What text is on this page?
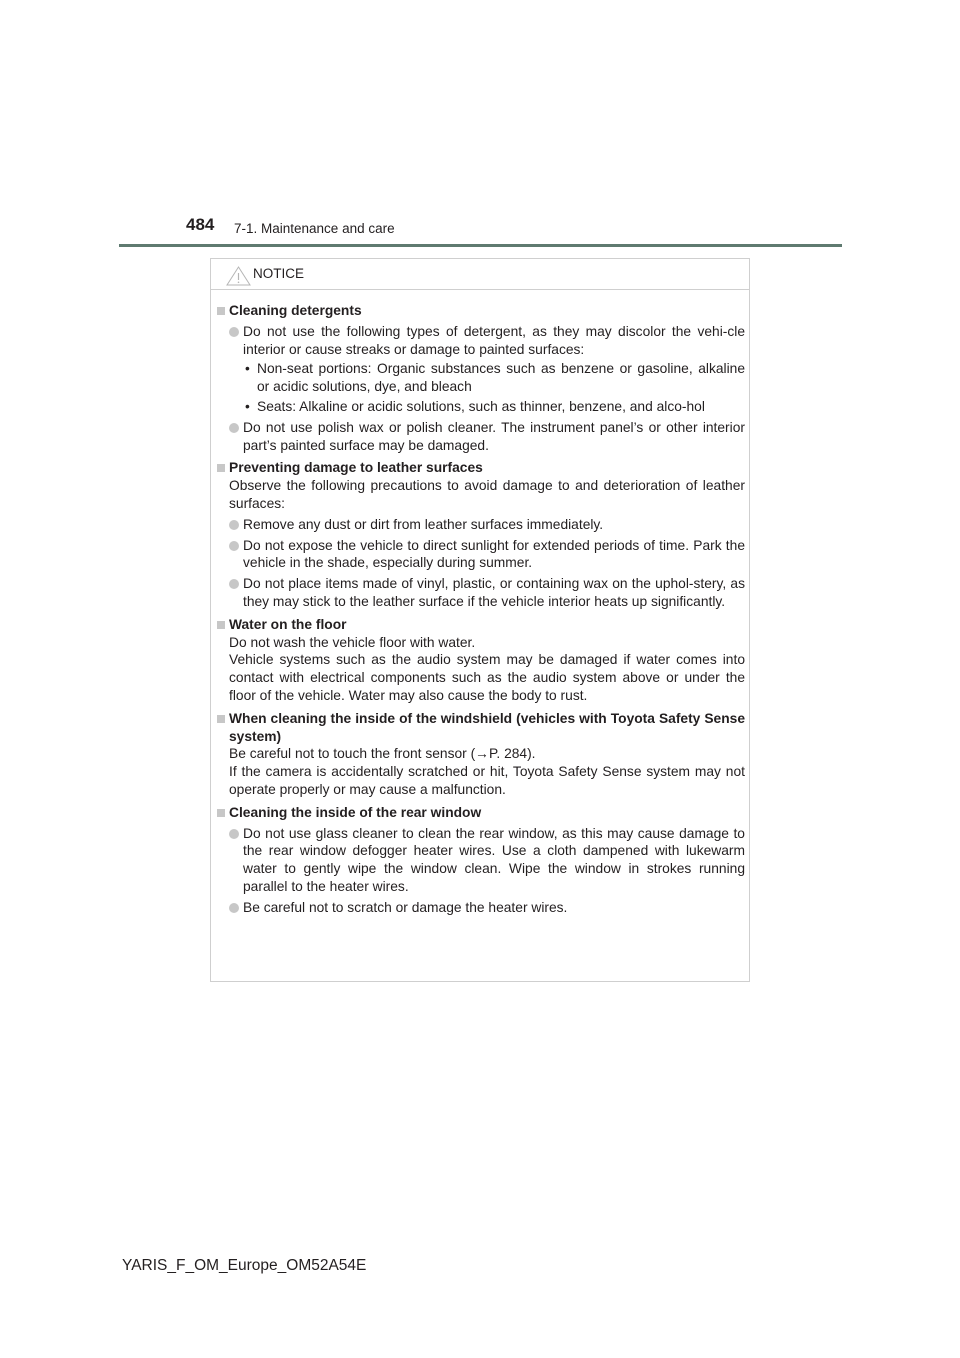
484 7-1. Maintenance and care
NOTICE
Cleaning detergents
Do not use the following types of detergent, as they may discolor the vehi-cle interior or cause streaks or damage to painted surfaces:
• Non-seat portions: Organic substances such as benzene or gasoline, alkaline or acidic solutions, dye, and bleach
• Seats: Alkaline or acidic solutions, such as thinner, benzene, and alco-hol
Do not use polish wax or polish cleaner. The instrument panel’s or other interior part’s painted surface may be damaged.
Preventing damage to leather surfaces
Observe the following precautions to avoid damage to and deterioration of leather surfaces:
Remove any dust or dirt from leather surfaces immediately.
Do not expose the vehicle to direct sunlight for extended periods of time. Park the vehicle in the shade, especially during summer.
Do not place items made of vinyl, plastic, or containing wax on the uphol-stery, as they may stick to the leather surface if the vehicle interior heats up significantly.
Water on the floor
Do not wash the vehicle floor with water.
Vehicle systems such as the audio system may be damaged if water comes into contact with electrical components such as the audio system above or under the floor of the vehicle. Water may also cause the body to rust.
When cleaning the inside of the windshield (vehicles with Toyota Safety Sense system)
Be careful not to touch the front sensor (→P. 284).
If the camera is accidentally scratched or hit, Toyota Safety Sense system may not operate properly or may cause a malfunction.
Cleaning the inside of the rear window
Do not use glass cleaner to clean the rear window, as this may cause damage to the rear window defogger heater wires. Use a cloth dampened with lukewarm water to gently wipe the window clean. Wipe the window in strokes running parallel to the heater wires.
Be careful not to scratch or damage the heater wires.
YARIS_F_OM_Europe_OM52A54E
